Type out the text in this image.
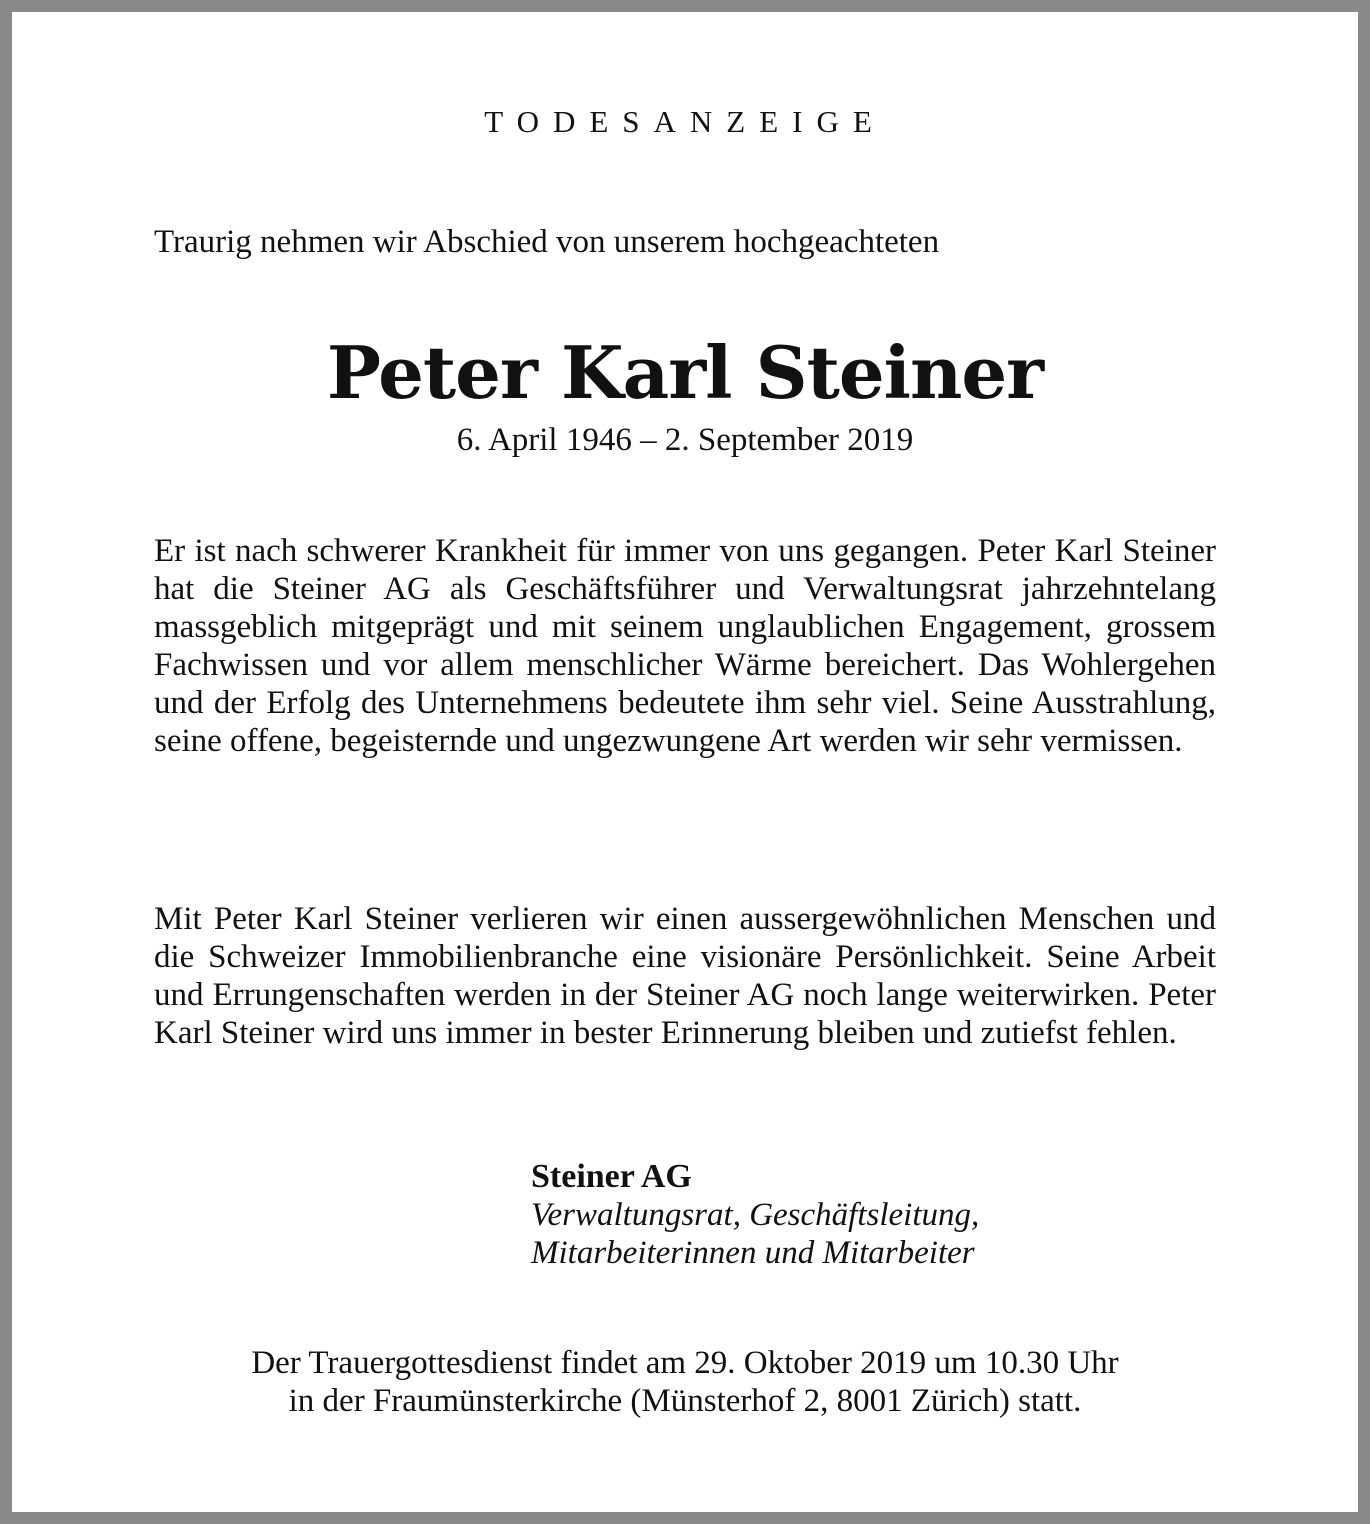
TODESANZEIGE
Traurig nehmen wir Abschied von unserem hochgeachteten
Peter Karl Steiner
6. April 1946 – 2. September 2019
Er ist nach schwerer Krankheit für immer von uns gegangen. Peter Karl Steiner hat die Steiner AG als Geschäftsführer und Verwaltungsrat jahrzehntelang massgeblich mitgeprägt und mit seinem unglaublichen Engagement, grossem Fachwissen und vor allem menschlicher Wärme bereichert. Das Wohlergehen und der Erfolg des Unternehmens bedeutete ihm sehr viel. Seine Ausstrahlung, seine offene, begeisternde und ungezwungene Art werden wir sehr vermissen.
Mit Peter Karl Steiner verlieren wir einen aussergewöhnlichen Menschen und die Schweizer Immobilienbranche eine visionäre Persönlichkeit. Seine Arbeit und Errungenschaften werden in der Steiner AG noch lange weiterwirken. Peter Karl Steiner wird uns immer in bester Erinnerung bleiben und zutiefst fehlen.
Steiner AG
Verwaltungsrat, Geschäftsleitung,
Mitarbeiterinnen und Mitarbeiter
Der Trauergottesdienst findet am 29. Oktober 2019 um 10.30 Uhr
in der Fraumünsterkirche (Münsterhof 2, 8001 Zürich) statt.
